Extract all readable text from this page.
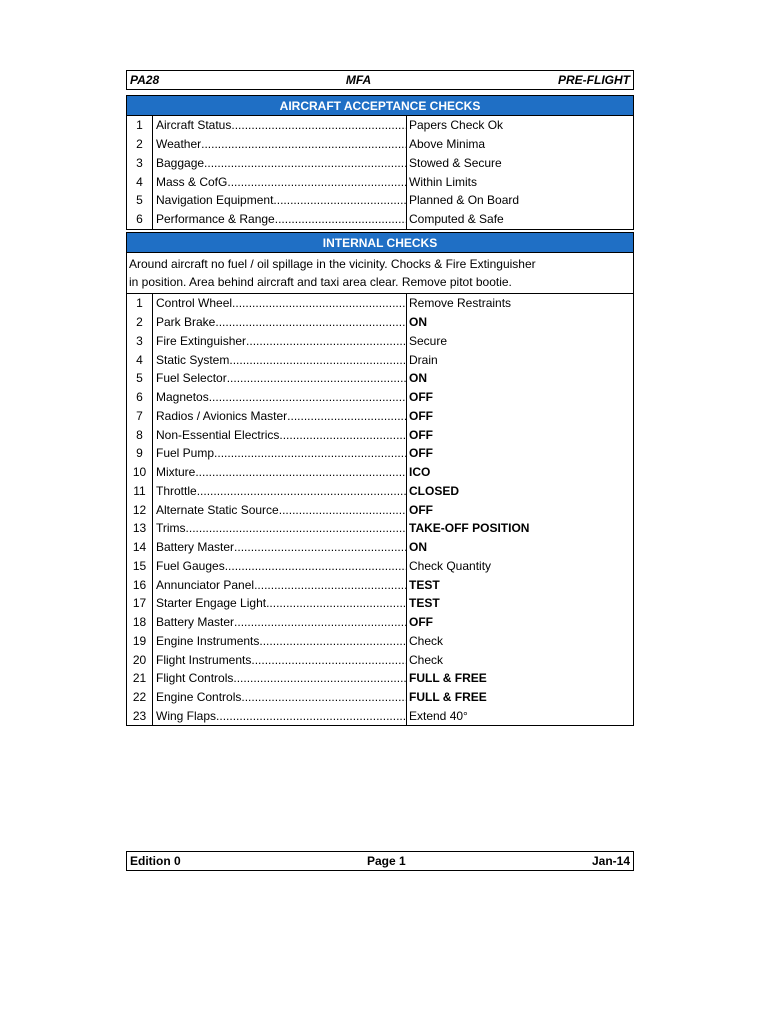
PA28	MFA	PRE-FLIGHT
AIRCRAFT ACCEPTANCE CHECKS
1	Aircraft Status .....	Papers Check Ok
2	Weather .....	Above Minima
3	Baggage .....	Stowed & Secure
4	Mass & CofG .....	Within Limits
5	Navigation Equipment .....	Planned & On Board
6	Performance & Range .....	Computed & Safe
INTERNAL CHECKS
Around aircraft no fuel / oil spillage in the vicinity. Chocks & Fire Extinguisher
in position. Area behind aircraft and taxi area clear. Remove pitot bootie.
1	Control Wheel .....	Remove Restraints
2	Park Brake .....	ON
3	Fire Extinguisher .....	Secure
4	Static System .....	Drain
5	Fuel Selector .....	ON
6	Magnetos .....	OFF
7	Radios / Avionics Master .....	OFF
8	Non-Essential Electrics .....	OFF
9	Fuel Pump .....	OFF
10 Mixture .....	ICO
11 Throttle .....	CLOSED
12 Alternate Static Source .....	OFF
13 Trims .....	TAKE-OFF POSITION
14 Battery Master .....	ON
15 Fuel Gauges .....	Check Quantity
16 Annunciator Panel .....	TEST
17 Starter Engage Light .....	TEST
18 Battery Master .....	OFF
19 Engine Instruments .....	Check
20 Flight Instruments .....	Check
21 Flight Controls .....	FULL & FREE
22 Engine Controls .....	FULL & FREE
23 Wing Flaps .....	Extend 40°
Edition 0	Page 1	Jan-14
